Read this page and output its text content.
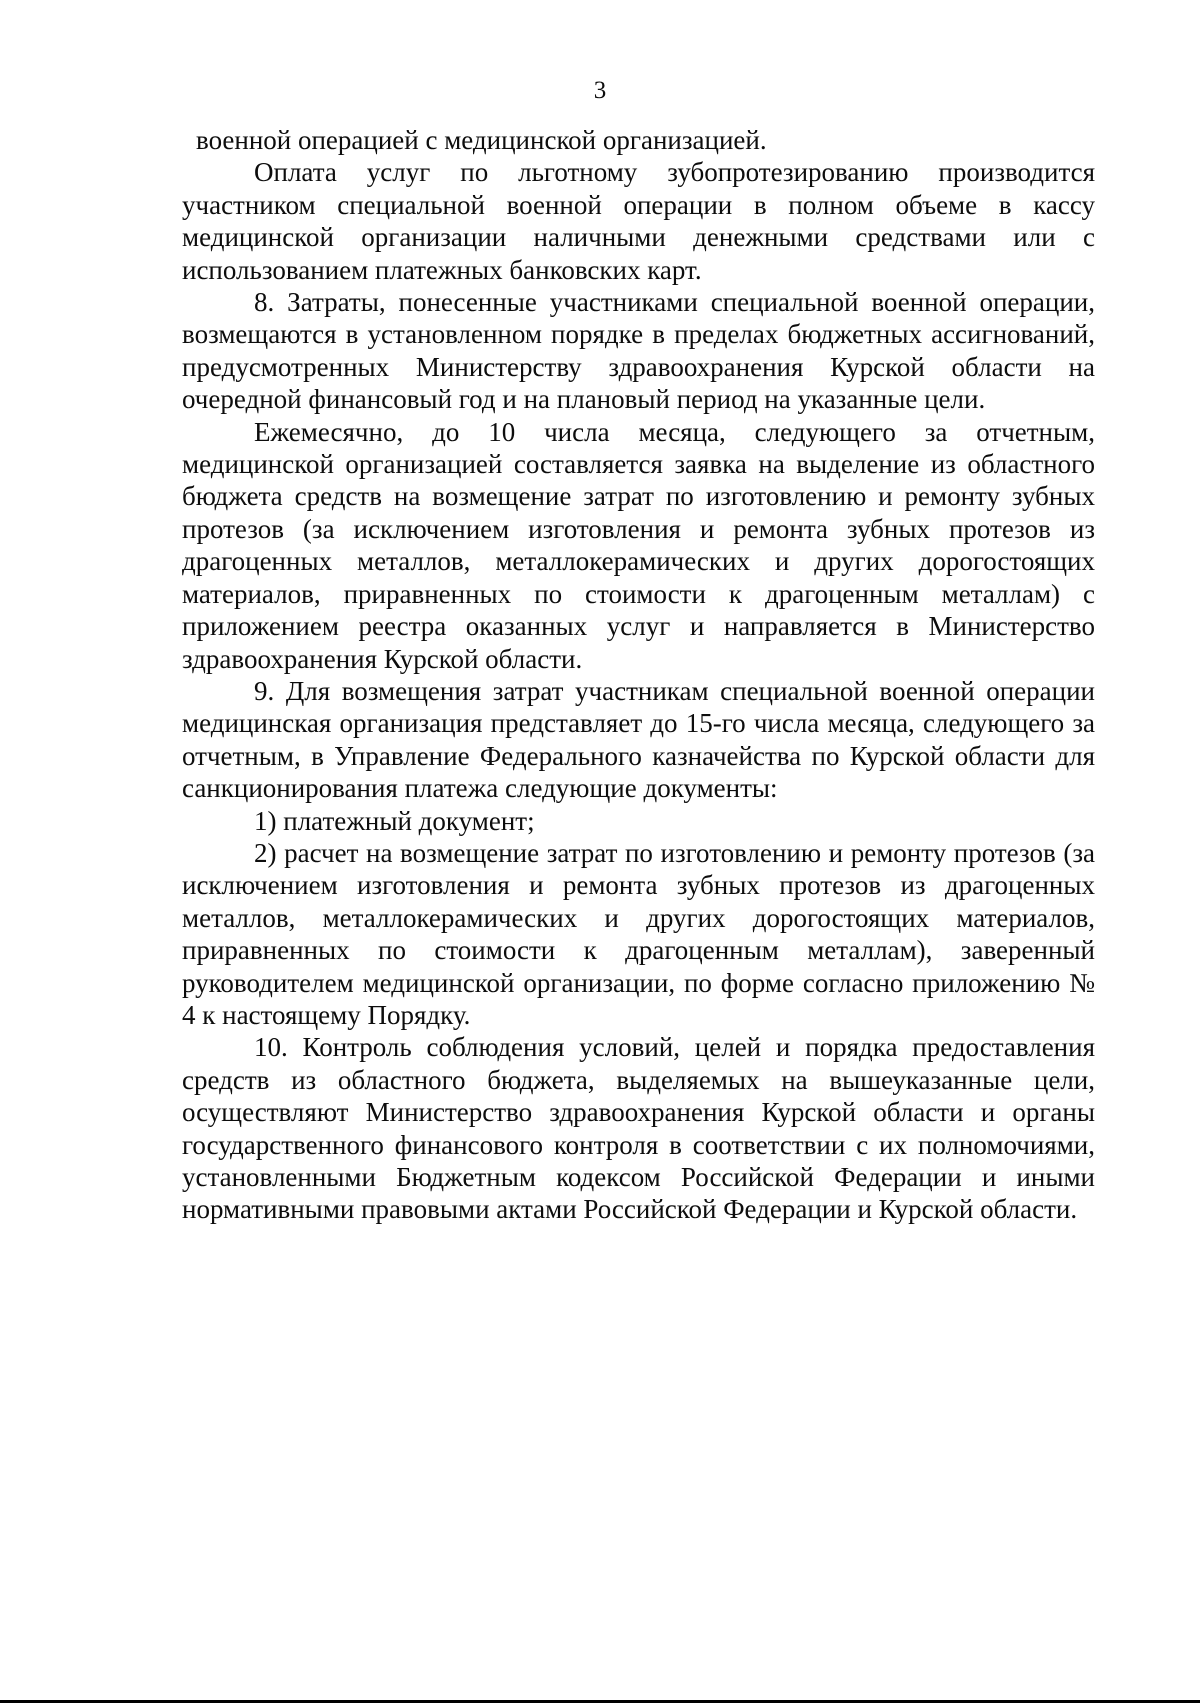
3

военной операцией с медицинской организацией.

Оплата услуг по льготному зубопротезированию производится участником специальной военной операции в полном объеме в кассу медицинской организации наличными денежными средствами или с использованием платежных банковских карт.

8. Затраты, понесенные участниками специальной военной операции, возмещаются в установленном порядке в пределах бюджетных ассигнований, предусмотренных Министерству здравоохранения Курской области на очередной финансовый год и на плановый период на указанные цели.

Ежемесячно, до 10 числа месяца, следующего за отчетным, медицинской организацией составляется заявка на выделение из областного бюджета средств на возмещение затрат по изготовлению и ремонту зубных протезов (за исключением изготовления и ремонта зубных протезов из драгоценных металлов, металлокерамических и других дорогостоящих материалов, приравненных по стоимости к драгоценным металлам) с приложением реестра оказанных услуг и направляется в Министерство здравоохранения Курской области.

9. Для возмещения затрат участникам специальной военной операции медицинская организация представляет до 15-го числа месяца, следующего за отчетным, в Управление Федерального казначейства по Курской области для санкционирования платежа следующие документы:

1) платежный документ;

2) расчет на возмещение затрат по изготовлению и ремонту протезов (за исключением изготовления и ремонта зубных протезов из драгоценных металлов, металлокерамических и других дорогостоящих материалов, приравненных по стоимости к драгоценным металлам), заверенный руководителем медицинской организации, по форме согласно приложению № 4 к настоящему Порядку.

10. Контроль соблюдения условий, целей и порядка предоставления средств из областного бюджета, выделяемых на вышеуказанные цели, осуществляют Министерство здравоохранения Курской области и органы государственного финансового контроля в соответствии с их полномочиями, установленными Бюджетным кодексом Российской Федерации и иными нормативными правовыми актами Российской Федерации и Курской области.
